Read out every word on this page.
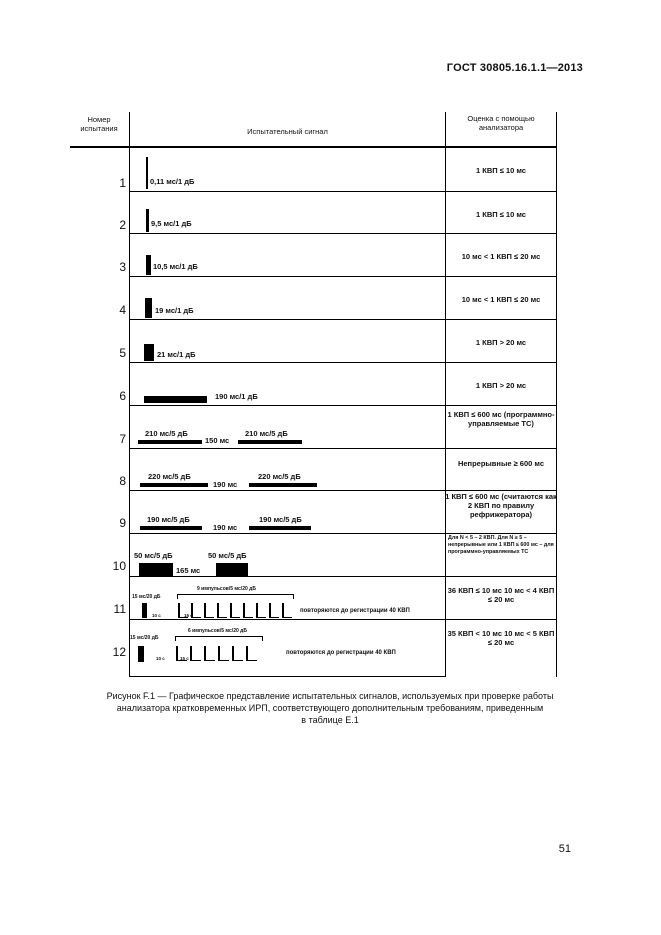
ГОСТ 30805.16.1.1—2013
Номер испытания	Испытательный сигнал
Оценка с помощью анализатора
1
1 КВП ≤ 10 мс
0,11 мс/1 дБ
2
1 КВП ≤ 10 мс
9,5 мс/1 дБ
3
10 мс < 1 КВП ≤ 20 мс
10,5 мс/1 дБ
4
10 мс < 1 КВП ≤ 20 мс
19 мс/1 дБ
5
1 КВП > 20 мс
21 мс/1 дБ
6
1 КВП > 20 мс
190 мс/1 дБ
7
1 КВП ≤ 600 мс (программно-управляемые ТС)
210 мс/5 дБ
150 мс
210 мс/5 дБ
8
Непрерывные ≥ 600 мс
220 мс/5 дБ
190 мс
220 мс/5 дБ
9
1 КВП ≤ 600 мс (считаются как 2 КВП по правилу рефрижератора)
190 мс/5 дБ
190 мс
190 мс/5 дБ
10
Для N < 5 – 2 КВП. Для N ≥ 5 – непрерывные или 1 КВП ≤ 600 мс – для программно-управляемых ТС
50 мс/5 дБ
165 мс
50 мс/5 дБ
11
36 КВП ≤ 10 мс 10 мс < 4 КВП ≤ 20 мс
15 мс/20 дБ
10 с
9 импульсов/5 мс/20 дБ
15 с
повторяются до регистрации 40 КВП
12
35 КВП < 10 мс 10 мс < 5 КВП ≤ 20 мс
15 мс/20 дБ
10 с
6 импульсов/5 мс/20 дБ
15 с
повторяются до регистрации 40 КВП
Рисунок F.1 — Графическое представление испытательных сигналов, используемых при проверке работы
анализатора кратковременных ИРП, соответствующего дополнительным требованиям, приведенным
в таблице Е.1
51
